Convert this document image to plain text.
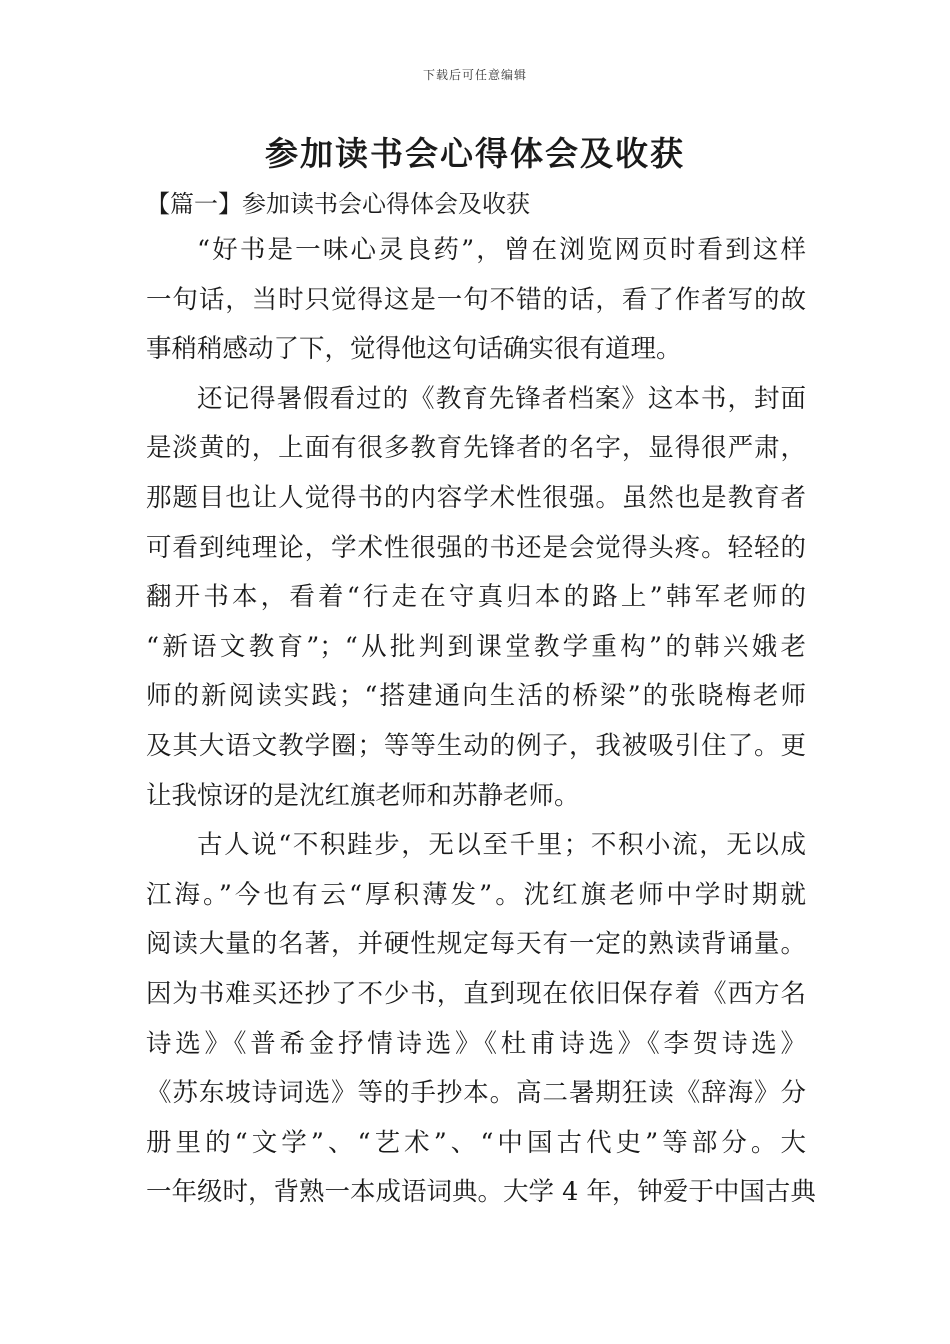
下载后可任意编辑
参加读书会心得体会及收获
【篇一】参加读书会心得体会及收获
“好书是一味心灵良药”，曾在浏览网页时看到这样
一句话，当时只觉得这是一句不错的话，看了作者写的故
事稍稍感动了下，觉得他这句话确实很有道理。
还记得暑假看过的《教育先锋者档案》这本书，封面
是淡黄的，上面有很多教育先锋者的名字，显得很严肃，
那题目也让人觉得书的内容学术性很强。虽然也是教育者
可看到纯理论，学术性很强的书还是会觉得头疼。轻轻的
翻开书本，看着“行走在守真归本的路上”韩军老师的
“新语文教育”；“从批判到课堂教学重构”的韩兴娥老
师的新阅读实践；“搭建通向生活的桥梁”的张晓梅老师
及其大语文教学圈；等等生动的例子，我被吸引住了。更
让我惊讶的是沈红旗老师和苏静老师。
古人说“不积跬步，无以至千里；不积小流，无以成
江海。”今也有云“厚积薄发”。沈红旗老师中学时期就
阅读大量的名著，并硬性规定每天有一定的熟读背诵量。
因为书难买还抄了不少书，直到现在依旧保存着《西方名
诗选》《普希金抒情诗选》《杜甫诗选》《李贺诗选》
《苏东坡诗词选》等的手抄本。高二暑期狂读《辞海》分
册里的“文学”、“艺术”、“中国古代史”等部分。大
一年级时，背熟一本成语词典。大学 4 年，钟爱于中国古典
